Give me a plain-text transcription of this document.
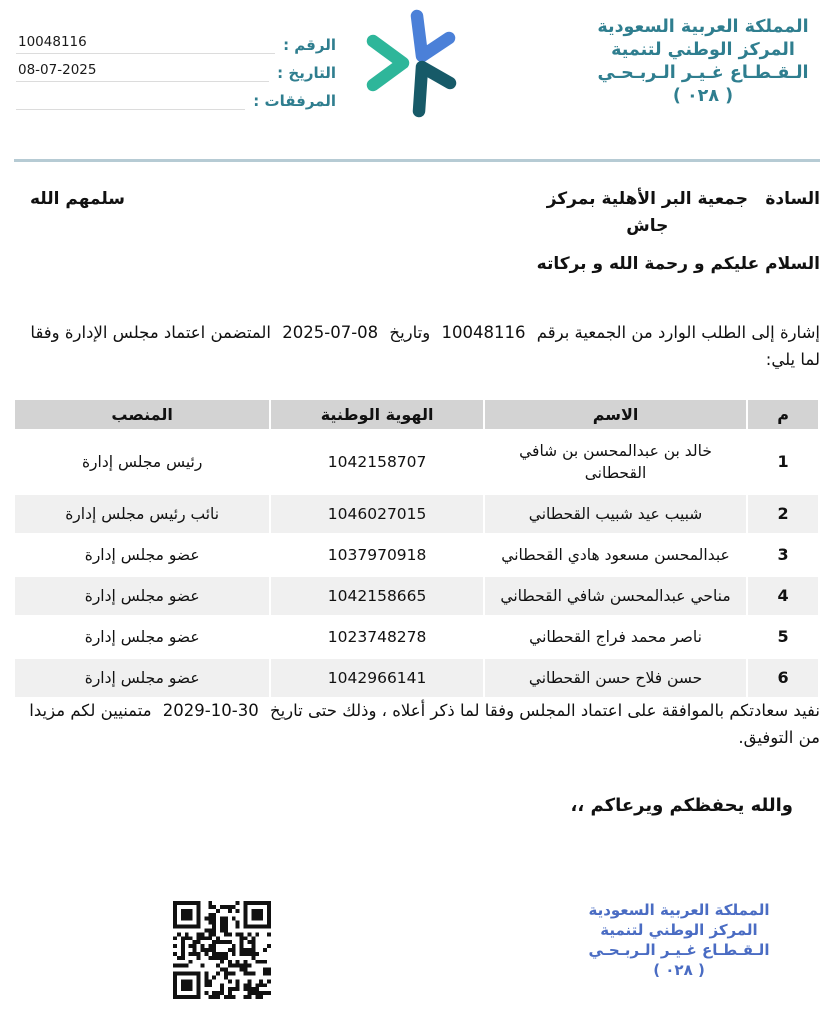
المملكة العربية السعودية
المركز الوطني لتنمية
الـقـطـاع غـيـر الـربـحـي
( ٠٢٨ )
الرقم :
10048116
التاريخ :
08-07-2025
المرفقات :
السادة
جمعية البر الأهلية بمركز جاش
سلمهم الله
السلام عليكم و رحمة الله و بركاته

إشارة إلى الطلب الوارد من الجمعية برقم 10048116 وتاريخ 2025-07-08 المتضمن اعتماد مجلس الإدارة وفقا لما يلي:

م	الاسم	الهوية الوطنية	المنصب
1	خالد بن عبدالمحسن بن شافي القحطانى	1042158707	رئيس مجلس إدارة
2	شبيب عيد شبيب القحطاني	1046027015	نائب رئيس مجلس إدارة
3	عبدالمحسن مسعود هادي القحطاني	1037970918	عضو مجلس إدارة
4	مناحي عبدالمحسن شافي القحطاني	1042158665	عضو مجلس إدارة
5	ناصر محمد فراج القحطاني	1023748278	عضو مجلس إدارة
6	حسن فلاح حسن القحطاني	1042966141	عضو مجلس إدارة

نفيد سعادتكم بالموافقة على اعتماد المجلس وفقا لما ذكر أعلاه ، وذلك حتى تاريخ 2029-10-30 متمنيين لكم مزيدا من التوفيق.

والله يحفظكم ويرعاكم ،،
المملكة العربية السعودية
المركز الوطني لتنمية
الـقـطـاع غـيـر الـربـحـي
( ٠٢٨ )
